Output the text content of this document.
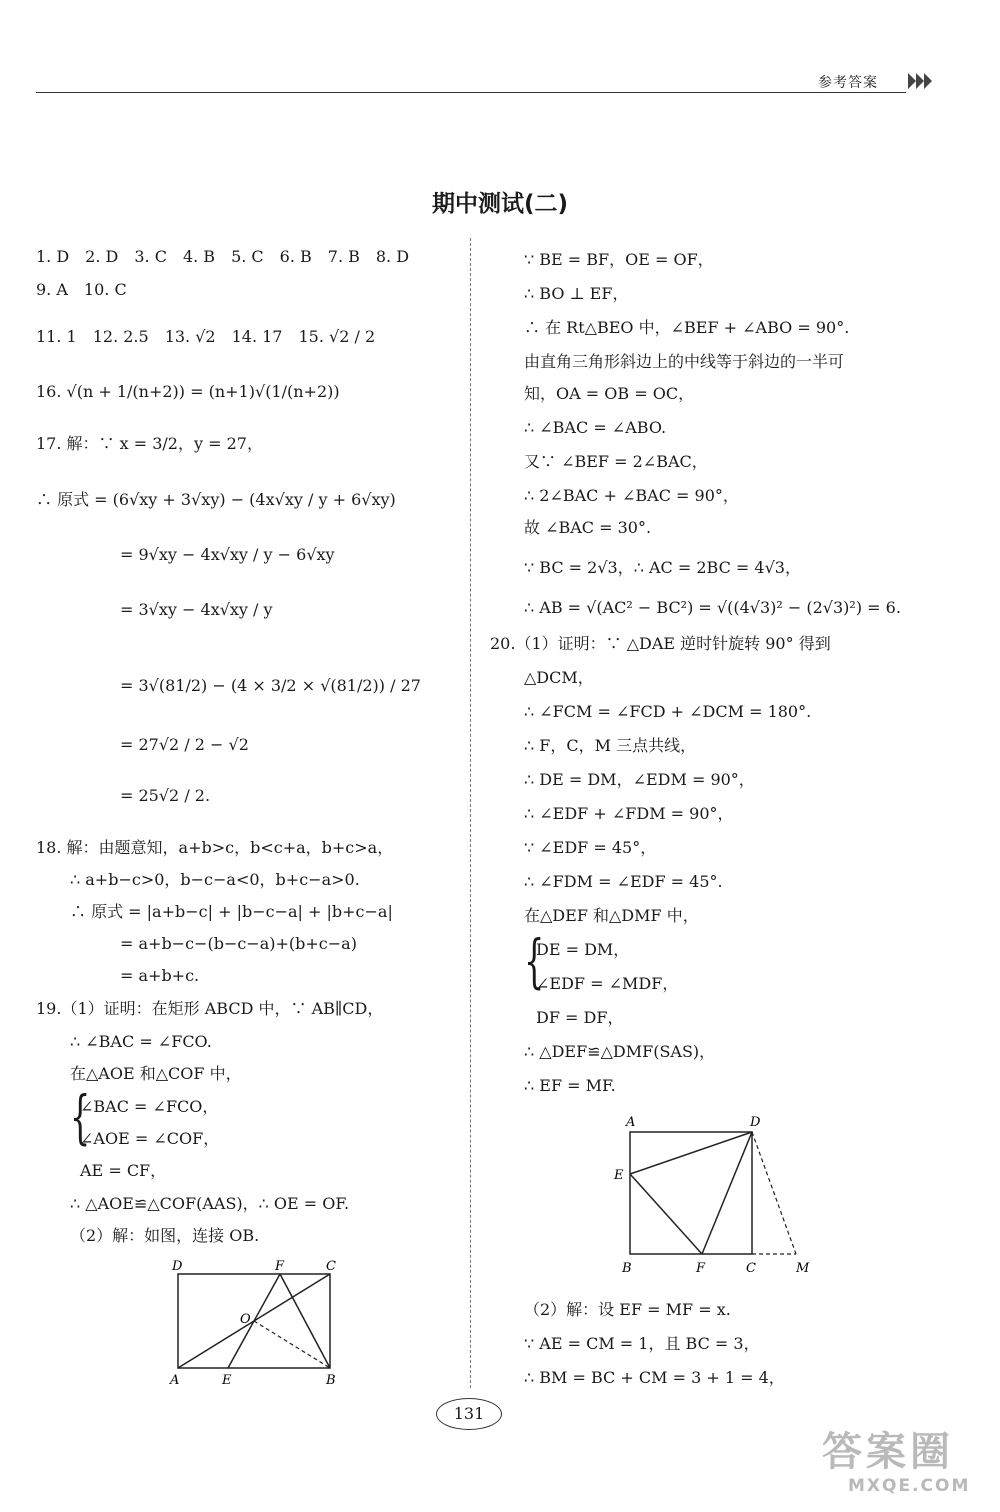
参考答案
期中测试(二)
1. D　2. D　3. C　4. B　5. C　6. B　7. B　8. D
9. A　10. C
11. 1　12. 2.5　13. √2　14. 17　15. √2 / 2
16. √(n + 1/(n+2)) = (n+1)√(1/(n+2))
17. 解：∵ x = 3/2，y = 27，
∴ 原式 = (6√xy + 3√xy) − (4x√xy / y + 6√xy)
= 9√xy − 4x√xy / y − 6√xy
= 3√xy − 4x√xy / y
= 3√(81/2) − (4 × 3/2 × √(81/2)) / 27
= 27√2 / 2 − √2
= 25√2 / 2.
18. 解：由题意知，a+b>c，b<c+a，b+c>a，
∴ a+b−c>0，b−c−a<0，b+c−a>0.
∴ 原式 = |a+b−c| + |b−c−a| + |b+c−a|
= a+b−c−(b−c−a)+(b+c−a)
= a+b+c.
19.（1）证明：在矩形 ABCD 中，∵ AB∥CD，
∴ ∠BAC = ∠FCO.
在△AOE 和△COF 中，
{
∠BAC = ∠FCO，
∠AOE = ∠COF，
AE = CF，
∴ △AOE≌△COF(AAS)，∴ OE = OF.
（2）解：如图，连接 OB.
D	F	C
O
A	E	B
∵ BE = BF，OE = OF，
∴ BO ⊥ EF，
∴ 在 Rt△BEO 中，∠BEF + ∠ABO = 90°.
由直角三角形斜边上的中线等于斜边的一半可
知，OA = OB = OC，
∴ ∠BAC = ∠ABO.
又∵ ∠BEF = 2∠BAC，
∴ 2∠BAC + ∠BAC = 90°，
故 ∠BAC = 30°.
∵ BC = 2√3，∴ AC = 2BC = 4√3，
∴ AB = √(AC² − BC²) = √((4√3)² − (2√3)²) = 6.
20.（1）证明：∵ △DAE 逆时针旋转 90° 得到
△DCM，
∴ ∠FCM = ∠FCD + ∠DCM = 180°.
∴ F，C，M 三点共线，
∴ DE = DM，∠EDM = 90°，
∴ ∠EDF + ∠FDM = 90°，
∵ ∠EDF = 45°，
∴ ∠FDM = ∠EDF = 45°.
在△DEF 和△DMF 中，
{
DE = DM，
∠EDF = ∠MDF，
DF = DF，
∴ △DEF≌△DMF(SAS)，
∴ EF = MF.
（2）解：设 EF = MF = x.
∵ AE = CM = 1，且 BC = 3，
∴ BM = BC + CM = 3 + 1 = 4，
A	D
E
B	F	C	M
131
答案圈
MXQE.COM
